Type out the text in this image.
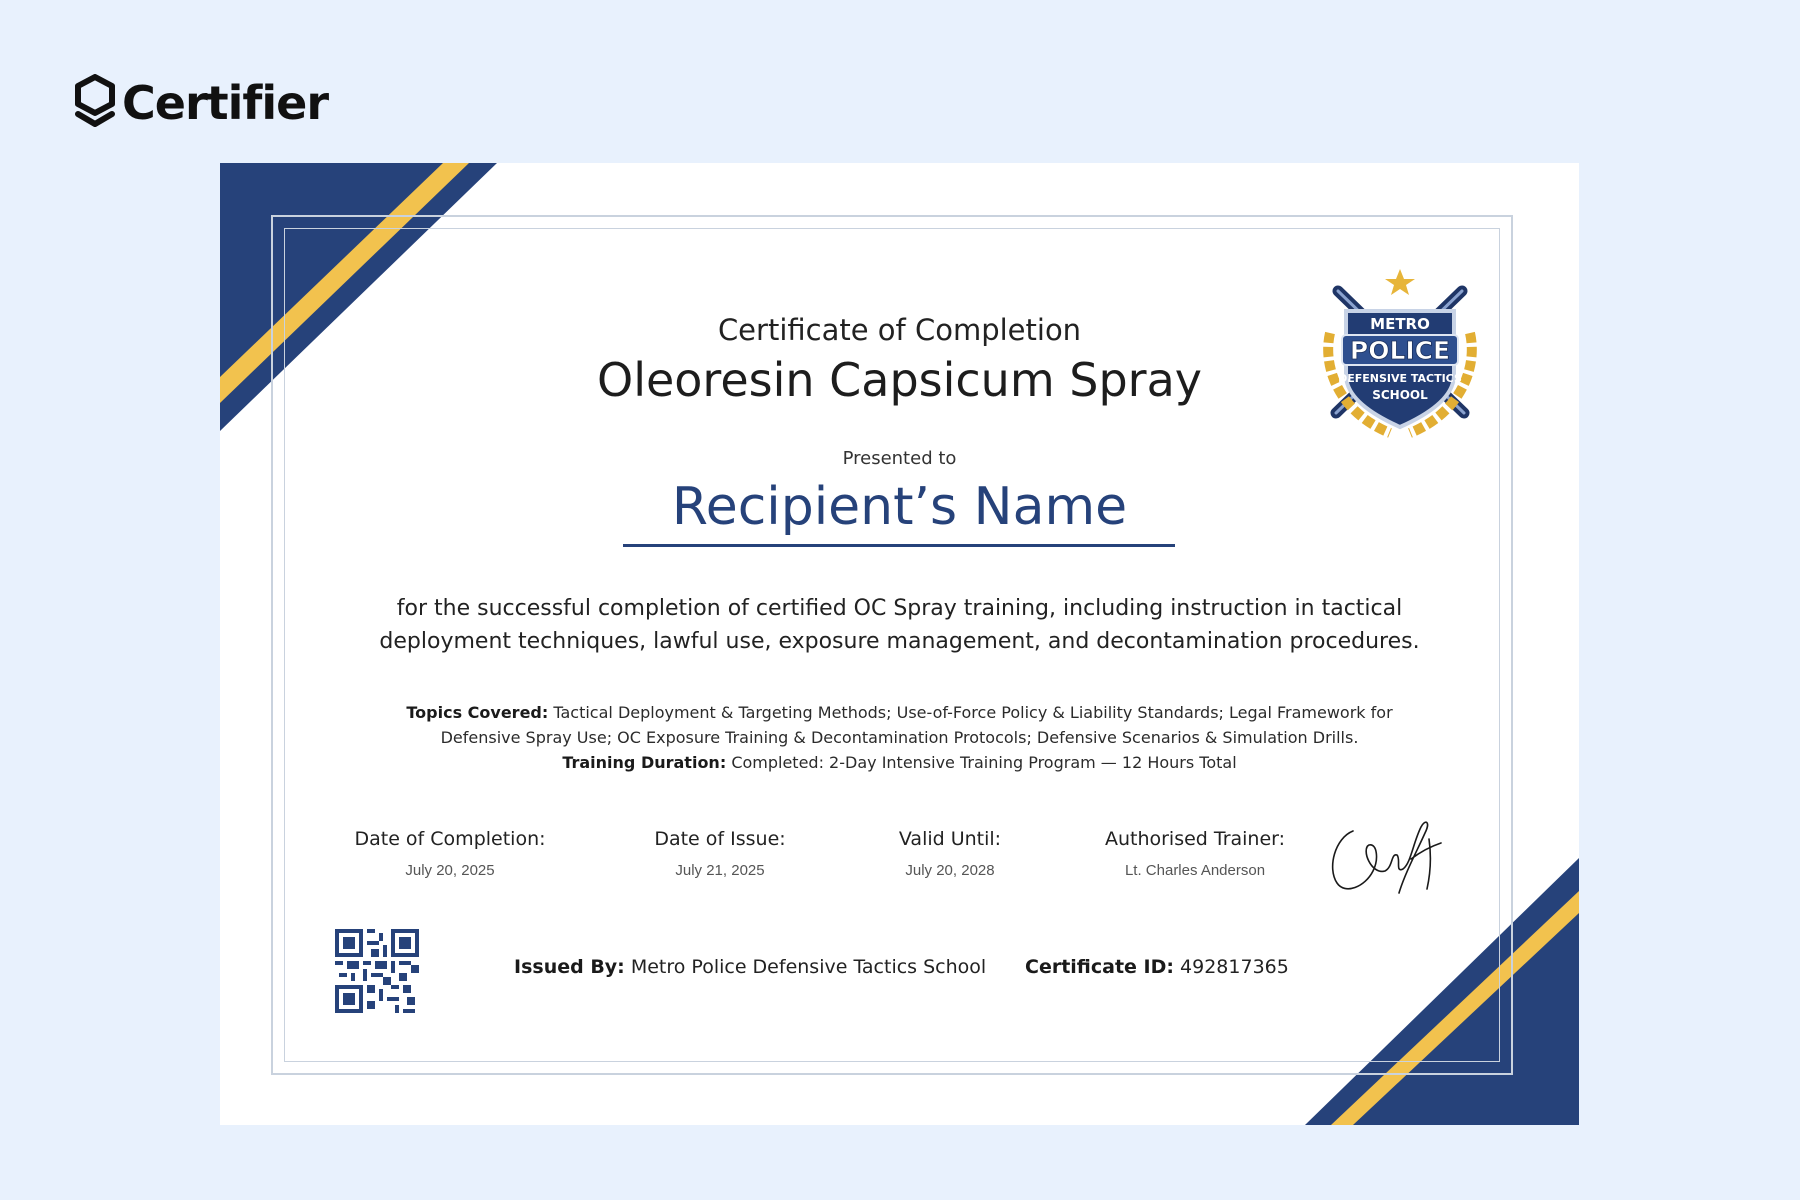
Certifier
METRO
POLICE
DEFENSIVE TACTICS
SCHOOL
Certificate of Completion
Oleoresin Capsicum Spray
Presented to
Recipient’s Name
for the successful completion of certified OC Spray training, including instruction in tactical deployment techniques, lawful use, exposure management, and decontamination procedures.
Topics Covered: Tactical Deployment & Targeting Methods; Use-of-Force Policy & Liability Standards; Legal Framework for Defensive Spray Use; OC Exposure Training & Decontamination Protocols; Defensive Scenarios & Simulation Drills.
Training Duration: Completed: 2-Day Intensive Training Program — 12 Hours Total
Date of Completion:
July 20, 2025
Date of Issue:
July 21, 2025
Valid Until:
July 20, 2028
Authorised Trainer:
Lt. Charles Anderson
Issued By: Metro Police Defensive Tactics School Certificate ID: 492817365
